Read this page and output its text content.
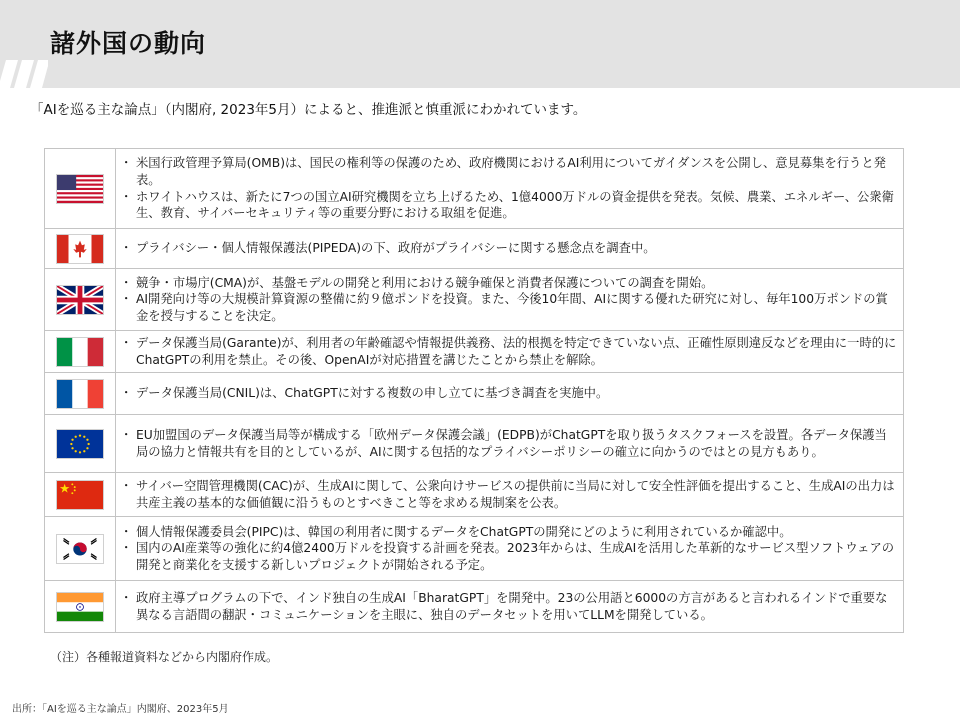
諸外国の動向
「AIを巡る主な論点」（内閣府, 2023年5月）によると、推進派と慎重派にわかれています。

・ 米国行政管理予算局(OMB)は、国民の権利等の保護のため、政府機関におけるAI利用についてガイダンスを公開し、意見募集を行うと発表。
・ ホワイトハウスは、新たに7つの国立AI研究機関を立ち上げるため、1億4000万ドルの資金提供を発表。気候、農業、エネルギー、公衆衛生、教育、サイバーセキュリティ等の重要分野における取組を促進。

・ プライバシー・個人情報保護法(PIPEDA)の下、政府がプライバシーに関する懸念点を調査中。

・ 競争・市場庁(CMA)が、基盤モデルの開発と利用における競争確保と消費者保護についての調査を開始。
・ AI開発向け等の大規模計算資源の整備に約９億ポンドを投資。また、今後10年間、AIに関する優れた研究に対し、毎年100万ポンドの賞金を授与することを決定。

・ データ保護当局(Garante)が、利用者の年齢確認や情報提供義務、法的根拠を特定できていない点、正確性原則違反などを理由に一時的にChatGPTの利用を禁止。その後、OpenAIが対応措置を講じたことから禁止を解除。

・ データ保護当局(CNIL)は、ChatGPTに対する複数の申し立てに基づき調査を実施中。

・ EU加盟国のデータ保護当局等が構成する「欧州データ保護会議」(EDPB)がChatGPTを取り扱うタスクフォースを設置。各データ保護当局の協力と情報共有を目的としているが、AIに関する包括的なプライバシーポリシーの確立に向かうのではとの見方もあり。

・ サイバー空間管理機関(CAC)が、生成AIに関して、公衆向けサービスの提供前に当局に対して安全性評価を提出すること、生成AIの出力は共産主義の基本的な価値観に沿うものとすべきこと等を求める規制案を公表。

・ 個人情報保護委員会(PIPC)は、韓国の利用者に関するデータをChatGPTの開発にどのように利用されているか確認中。
・ 国内のAI産業等の強化に約4億2400万ドルを投資する計画を発表。2023年からは、生成AIを活用した革新的なサービス型ソフトウェアの開発と商業化を支援する新しいプロジェクトが開始される予定。

・ 政府主導プログラムの下で、インド独自の生成AI「BharatGPT」を開発中。23の公用語と6000の方言があると言われるインドで重要な異なる言語間の翻訳・コミュニケーションを主眼に、独自のデータセットを用いてLLMを開発している。
（注）各種報道資料などから内閣府作成。
出所：「AIを巡る主な論点」内閣府、2023年5月
